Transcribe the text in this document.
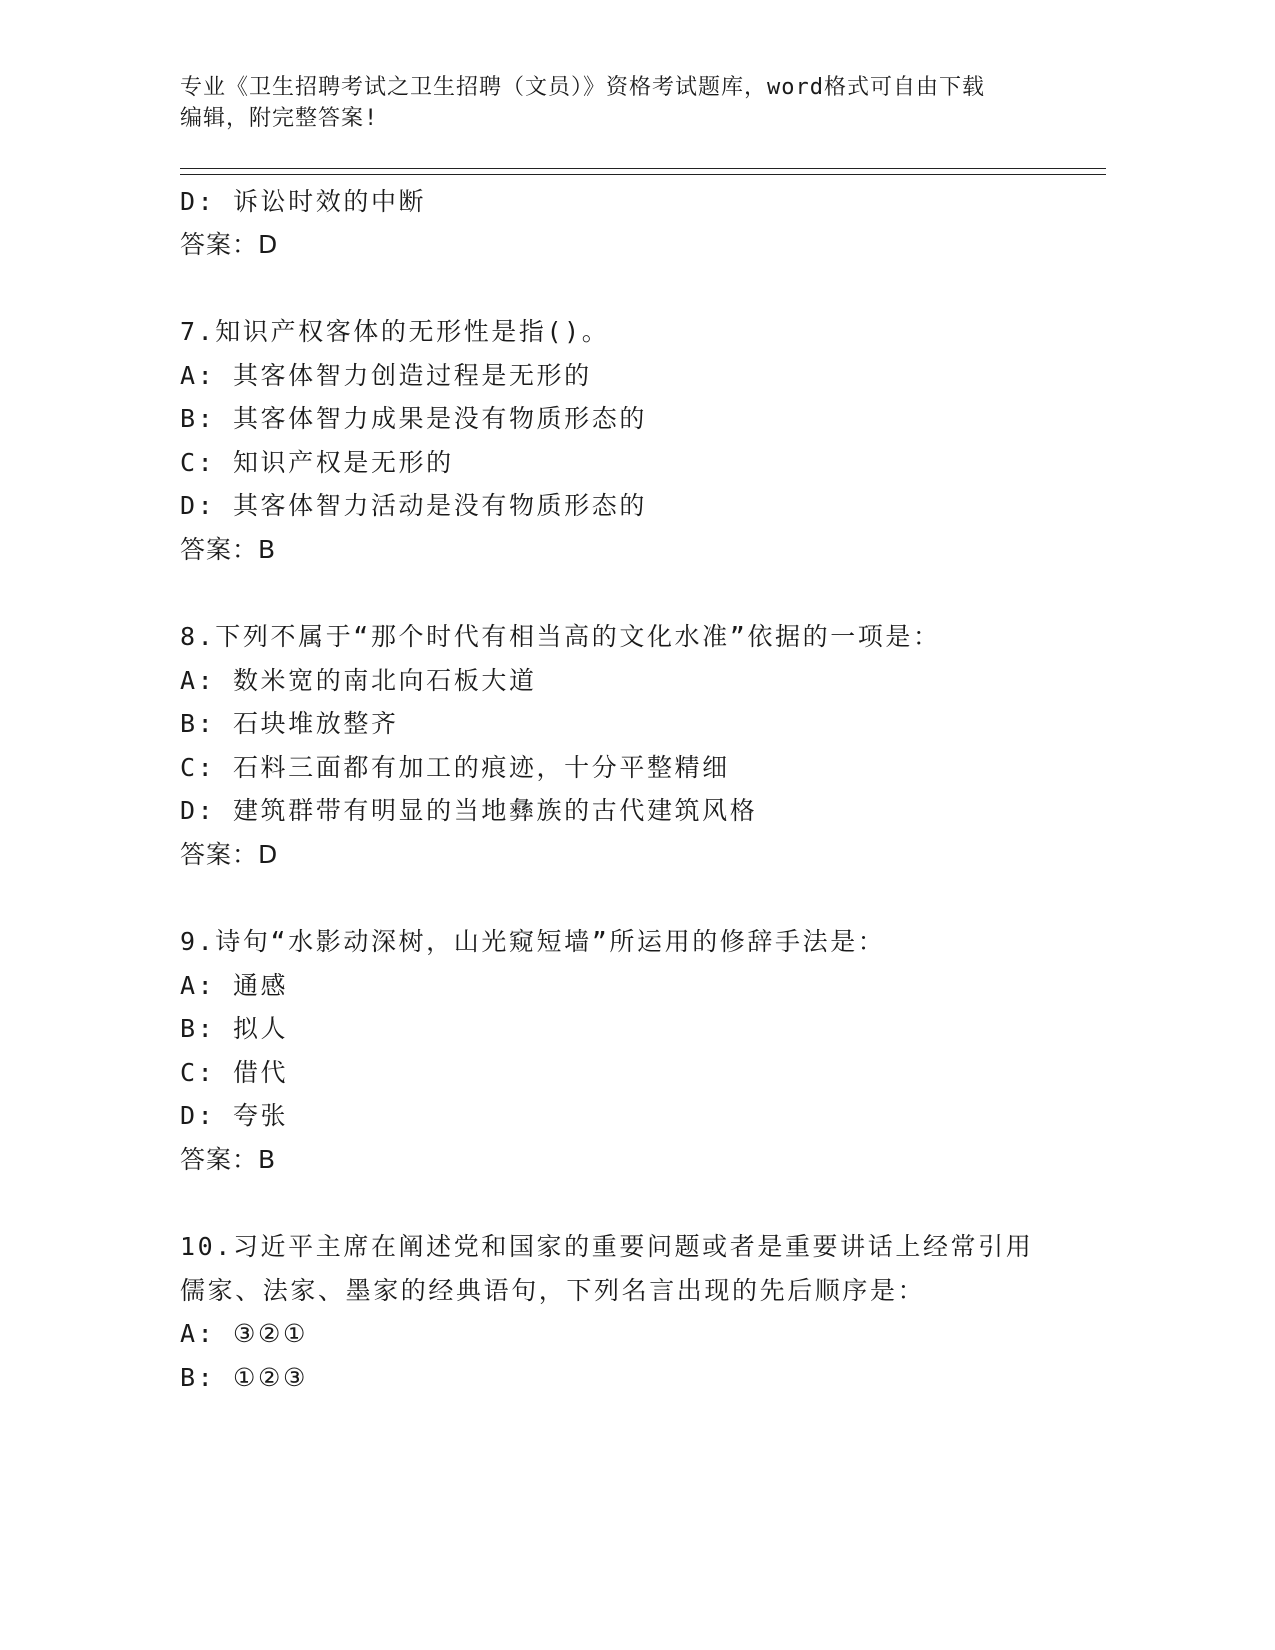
专业《卫生招聘考试之卫生招聘（文员）》资格考试题库，word格式可自由下载
编辑，附完整答案!
D: 诉讼时效的中断
答案：D
7.知识产权客体的无形性是指()。
A: 其客体智力创造过程是无形的
B: 其客体智力成果是没有物质形态的
C: 知识产权是无形的
D: 其客体智力活动是没有物质形态的
答案：B
8.下列不属于“那个时代有相当高的文化水准”依据的一项是：
A: 数米宽的南北向石板大道
B: 石块堆放整齐
C: 石料三面都有加工的痕迹，十分平整精细
D: 建筑群带有明显的当地彝族的古代建筑风格
答案：D
9.诗句“水影动深树，山光窥短墙”所运用的修辞手法是：
A: 通感
B: 拟人
C: 借代
D: 夸张
答案：B
10.习近平主席在阐述党和国家的重要问题或者是重要讲话上经常引用
儒家、法家、墨家的经典语句，下列名言出现的先后顺序是：
A: ③②①
B: ①②③
